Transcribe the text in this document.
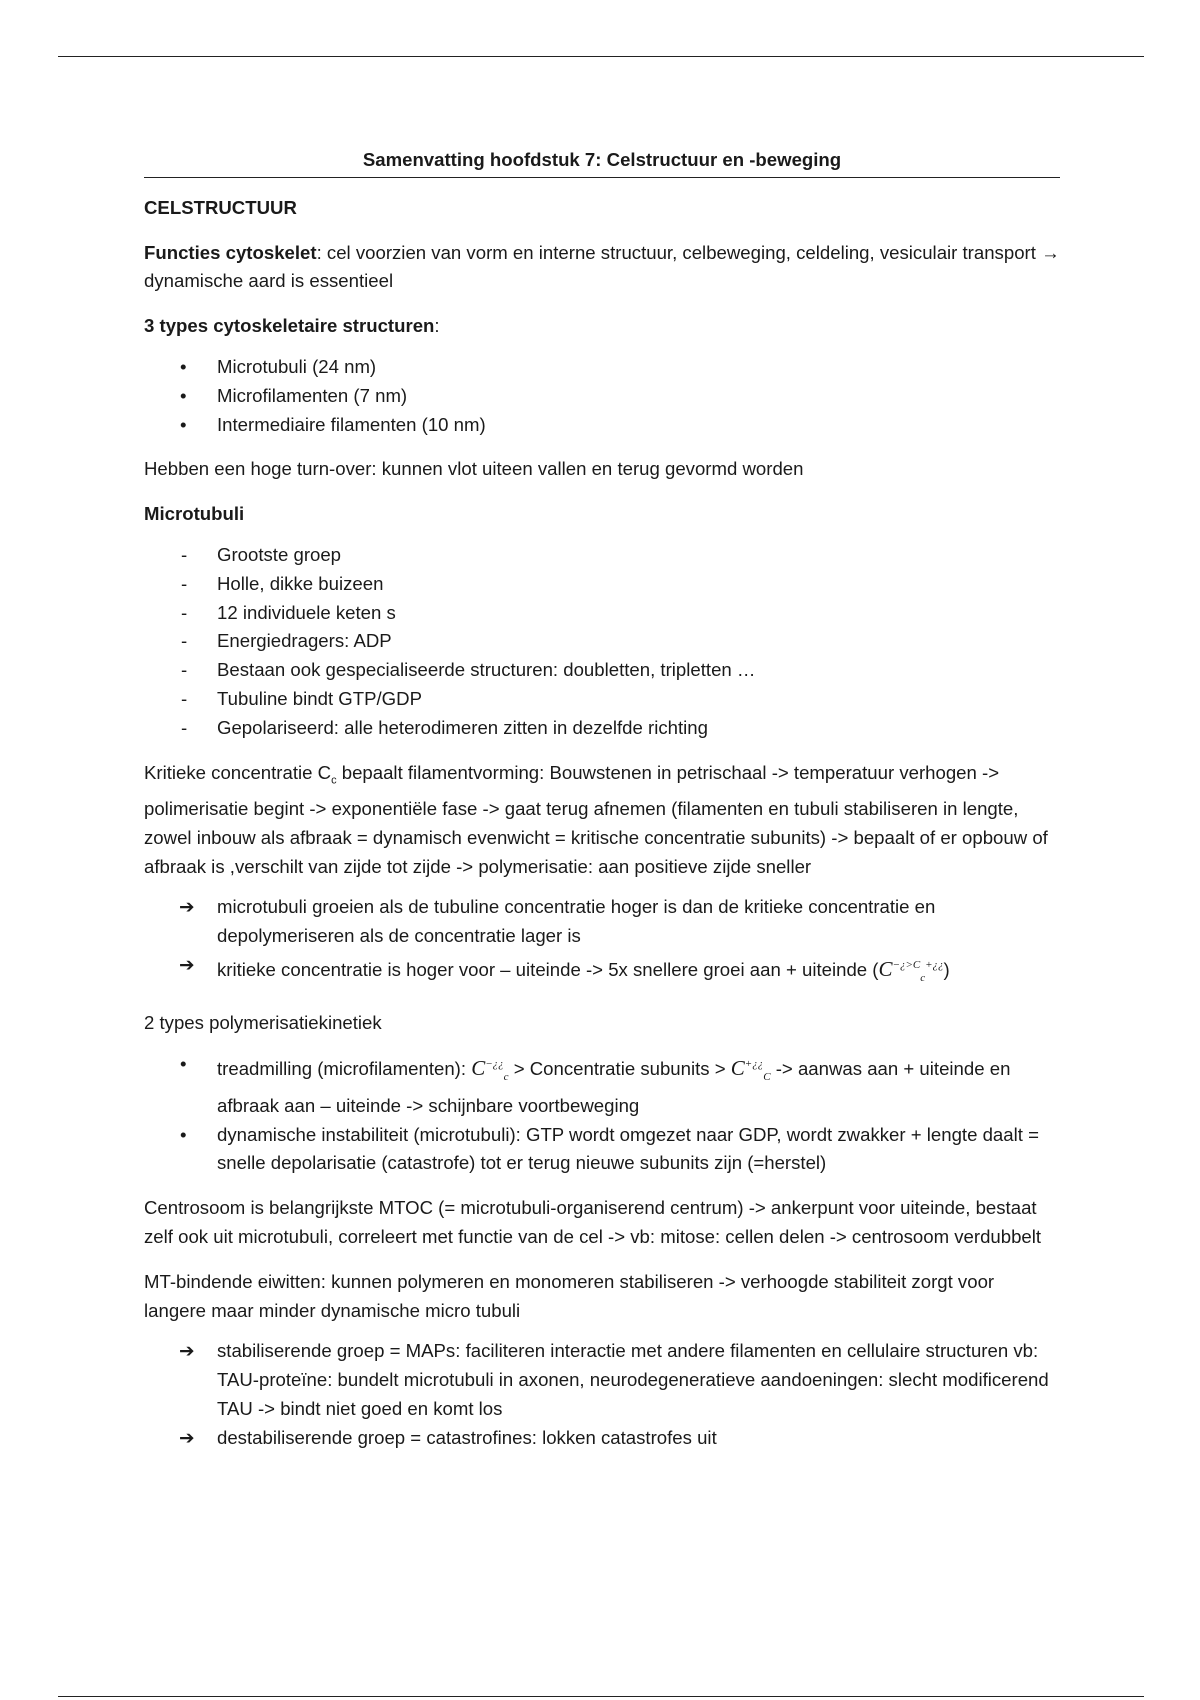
Samenvatting hoofdstuk 7: Celstructuur en -beweging

CELSTRUCTUUR

Functies cytoskelet: cel voorzien van vorm en interne structuur, celbeweging, celdeling, vesiculair transport → dynamische aard is essentieel

3 types cytoskeletaire structuren:

•
Microtubuli (24 nm)
•
Microfilamenten (7 nm)
•
Intermediaire filamenten (10 nm)

Hebben een hoge turn-over: kunnen vlot uiteen vallen en terug gevormd worden

Microtubuli

-
Grootste groep
-
Holle, dikke buizeen
-
12 individuele keten s
-
Energiedragers: ADP
-
Bestaan ook gespecialiseerde structuren: doubletten, tripletten …
-
Tubuline bindt GTP/GDP
-
Gepolariseerd: alle heterodimeren zitten in dezelfde richting

Kritieke concentratie $C_c$ bepaalt filamentvorming: Bouwstenen in petrischaal -> temperatuur verhogen -> polimerisatie begint -> exponentiële fase -> gaat terug afnemen (filamenten en tubuli stabiliseren in lengte, zowel inbouw als afbraak = dynamisch evenwicht = kritische concentratie subunits) -> bepaalt of er opbouw of afbraak is ,verschilt van zijde tot zijde -> polymerisatie: aan positieve zijde sneller

➔ microtubuli groeien als de tubuline concentratie hoger is dan de kritieke concentratie en depolymeriseren als de concentratie lager is
➔ kritieke concentratie is hoger voor – uiteinde -> 5x snellere groei aan + uiteinde $(C^{-¿>C}_c^{+¿¿})$

2 types polymerisatiekinetiek

•
treadmilling (microfilamenten): $C^{-¿¿}_c$ > Concentratie subunits > $C^{+¿¿}_C$ -> aanwas aan + uiteinde en afbraak aan – uiteinde -> schijnbare voortbeweging
•
dynamische instabiliteit (microtubuli): GTP wordt omgezet naar GDP, wordt zwakker + lengte daalt = snelle depolarisatie (catastrofe) tot er terug nieuwe subunits zijn (=herstel)

Centrosoom is belangrijkste MTOC (= microtubuli-organiserend centrum) -> ankerpunt voor uiteinde, bestaat zelf ook uit microtubuli, correleert met functie van de cel -> vb: mitose: cellen delen -> centrosoom verdubbelt

MT-bindende eiwitten: kunnen polymeren en monomeren stabiliseren -> verhoogde stabiliteit zorgt voor langere maar minder dynamische micro tubuli

➔ stabiliserende groep = MAPs: faciliteren interactie met andere filamenten en cellulaire structuren vb: TAU-proteïne: bundelt microtubuli in axonen, neurodegeneratieve aandoeningen: slecht modificerend TAU -> bindt niet goed en komt los
➔ destabiliserende groep = catastrofines: lokken catastrofes uit
